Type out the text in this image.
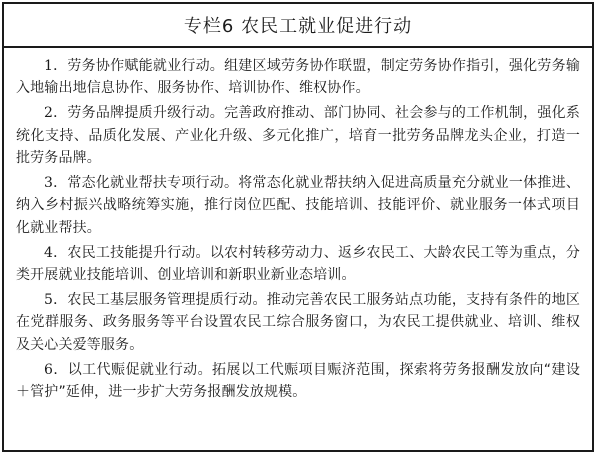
专栏6 农民工就业促进行动

1．劳务协作赋能就业行动。组建区域劳务协作联盟，制定劳务协作指引，强化劳务输入地输出地信息协作、服务协作、培训协作、维权协作。

2．劳务品牌提质升级行动。完善政府推动、部门协同、社会参与的工作机制，强化系统化支持、品质化发展、产业化升级、多元化推广，培育一批劳务品牌龙头企业，打造一批劳务品牌。

3．常态化就业帮扶专项行动。将常态化就业帮扶纳入促进高质量充分就业一体推进、纳入乡村振兴战略统筹实施，推行岗位匹配、技能培训、技能评价、就业服务一体式项目化就业帮扶。

4．农民工技能提升行动。以农村转移劳动力、返乡农民工、大龄农民工等为重点，分类开展就业技能培训、创业培训和新职业新业态培训。

5．农民工基层服务管理提质行动。推动完善农民工服务站点功能，支持有条件的地区在党群服务、政务服务等平台设置农民工综合服务窗口，为农民工提供就业、培训、维权及关心关爱等服务。

6．以工代赈促就业行动。拓展以工代赈项目赈济范围，探索将劳务报酬发放向“建设＋管护”延伸，进一步扩大劳务报酬发放规模。
